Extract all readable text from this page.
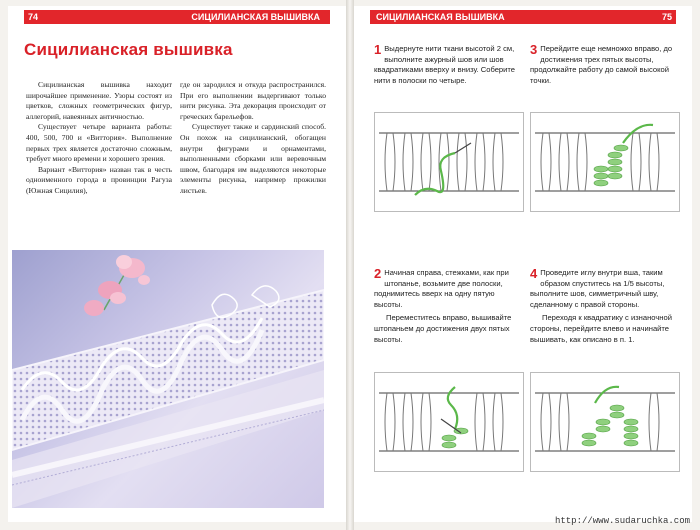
74	СИЦИЛИАНСКАЯ ВЫШИВКА
Сицилианская вышивка

Сицилианская вышивка находит широчайшее применение. Узоры состоят из цветков, сложных геометрических фигур, аллегорий, навеянных античностью.

Существует четыре варианта работы: 400, 500, 700 и «Виттория». Выполнение первых трех является достаточно сложным, требует много времени и хорошего зрения.

Вариант «Виттория» назван так в честь одноименного города в провинции Рагуза (Южная Сицилия),

где он зародился и откуда распространился. При его выполнении выдергивают только нити рисунка. Эта декорация происходит от греческих барельефов.

Существует также и сардинский способ. Он похож на сицилианский, обогащен внутри фигурами и орнаментами, выполненными сборками или веревочным швом, благодаря им выделяются некоторые элементы рисунка, например прожилки листьев.

СИЦИЛИАНСКАЯ ВЫШИВКА	75
1 Выдернуте нити ткани высотой 2 см, выполните ажурный шов или шов квадратиками вверху и внизу. Соберите нити в полоски по четыре.

3 Перейдите еще немножко вправо, до достижения трех пятых высоты, продолжайте работу до самой высокой точки.

2 Начиная справа, стежками, как при штопанье, возьмите две полоски, поднимитесь вверх на одну пятую высоты.

Переместитесь вправо, вышивайте штопаньем до достижения двух пятых высоты.

4 Проведите иглу внутри вша, таким образом спуститесь на 1/5 высоты, выполните шов, симметричный шву, сделанному с правой стороны.

Переходя к квадратику с изнаночной стороны, перейдите влево и начинайте вышивать, как описано в п. 1.

http://www.sudaruchka.com
